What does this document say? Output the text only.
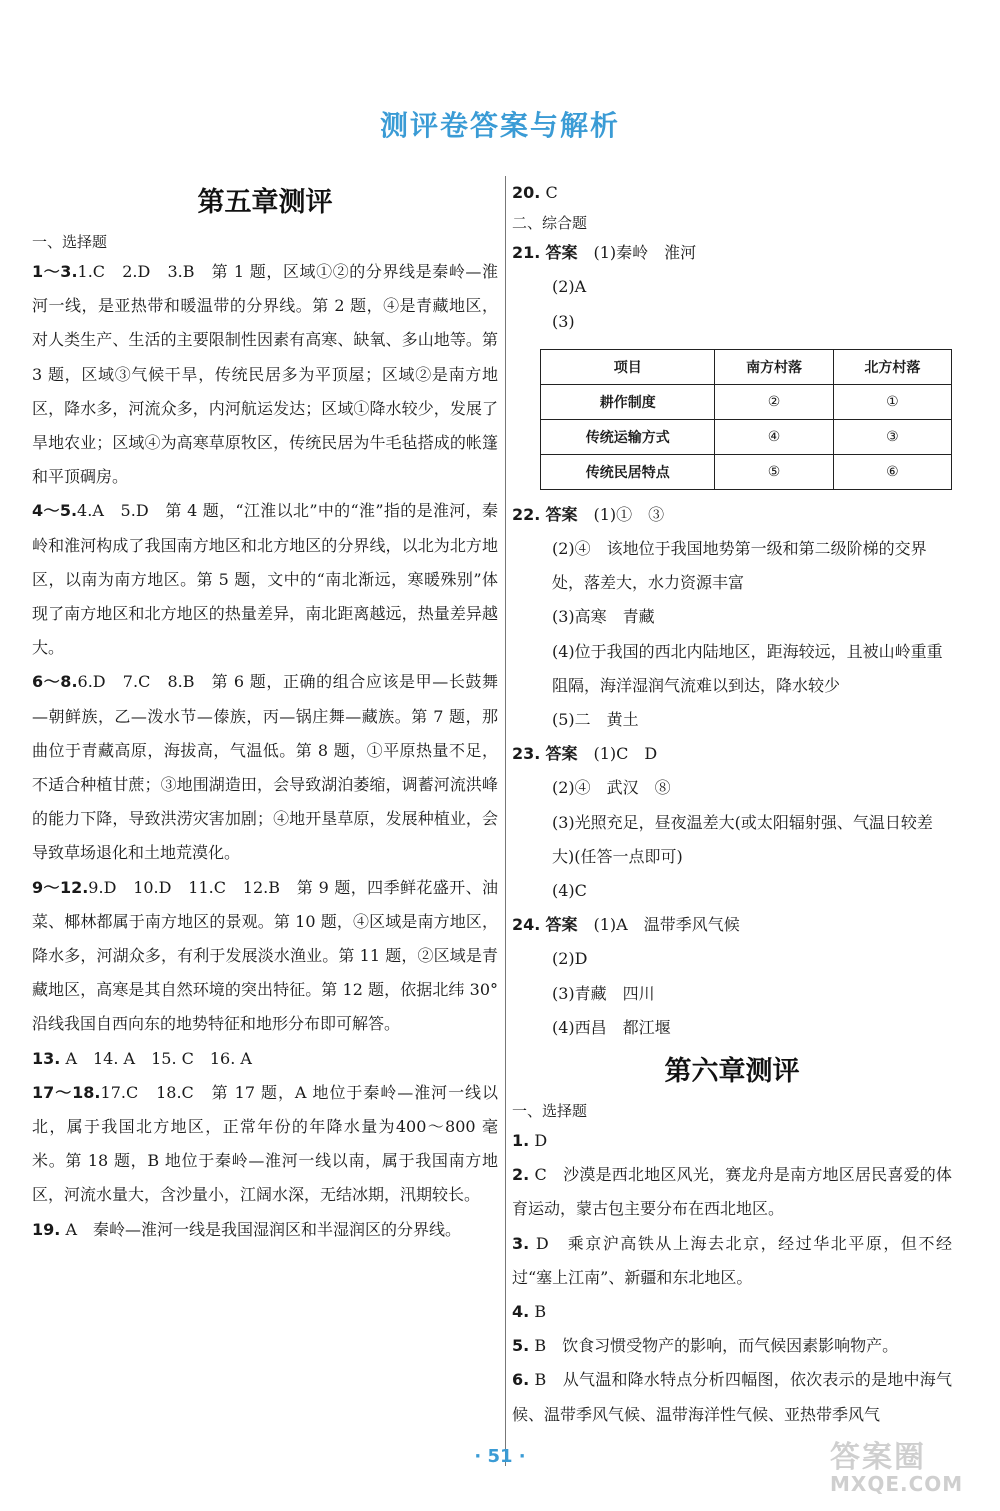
测评卷答案与解析
第五章测评

一、选择题

1～3.1.C　2.D　3.B　第 1 题，区域①②的分界线是秦岭—淮河一线，是亚热带和暖温带的分界线。第 2 题，④是青藏地区，对人类生产、生活的主要限制性因素有高寒、缺氧、多山地等。第 3 题，区域③气候干旱，传统民居多为平顶屋；区域②是南方地区，降水多，河流众多，内河航运发达；区域①降水较少，发展了旱地农业；区域④为高寒草原牧区，传统民居为牛毛毡搭成的帐篷和平顶碉房。

4～5.4.A　5.D　第 4 题，“江淮以北”中的“淮”指的是淮河，秦岭和淮河构成了我国南方地区和北方地区的分界线，以北为北方地区，以南为南方地区。第 5 题，文中的“南北渐远，寒暖殊别”体现了南方地区和北方地区的热量差异，南北距离越远，热量差异越大。

6～8.6.D　7.C　8.B　第 6 题，正确的组合应该是甲—长鼓舞—朝鲜族，乙—泼水节—傣族，丙—锅庄舞—藏族。第 7 题，那曲位于青藏高原，海拔高，气温低。第 8 题，①平原热量不足，不适合种植甘蔗；③地围湖造田，会导致湖泊萎缩，调蓄河流洪峰的能力下降，导致洪涝灾害加剧；④地开垦草原，发展种植业，会导致草场退化和土地荒漠化。

9～12.9.D　10.D　11.C　12.B　第 9 题，四季鲜花盛开、油菜、椰林都属于南方地区的景观。第 10 题，④区域是南方地区，降水多，河湖众多，有利于发展淡水渔业。第 11 题，②区域是青藏地区，高寒是其自然环境的突出特征。第 12 题，依据北纬 30°沿线我国自西向东的地势特征和地形分布即可解答。

13. A　14. A　15. C　16. A

17～18.17.C　18.C　第 17 题，A 地位于秦岭—淮河一线以北，属于我国北方地区，正常年份的年降水量为400～800 毫米。第 18 题，B 地位于秦岭—淮河一线以南，属于我国南方地区，河流水量大，含沙量小，江阔水深，无结冰期，汛期较长。

19. A　秦岭—淮河一线是我国湿润区和半湿润区的分界线。

20. C

二、综合题

21. 答案　 (1)秦岭　淮河

(2)A

(3)

项目	南方村落	北方村落
耕作制度	②	①
传统运输方式	④	③
传统民居特点	⑤	⑥

22. 答案　 (1)①　③

(2)④　该地位于我国地势第一级和第二级阶梯的交界处，落差大，水力资源丰富

(3)高寒　青藏

(4)位于我国的西北内陆地区，距海较远，且被山岭重重阻隔，海洋湿润气流难以到达，降水较少

(5)二　黄土

23. 答案　 (1)C　D

(2)④　武汉　⑧

(3)光照充足，昼夜温差大(或太阳辐射强、气温日较差大)(任答一点即可)

(4)C

24. 答案　 (1)A　温带季风气候

(2)D

(3)青藏　四川

(4)西昌　都江堰

第六章测评

一、选择题

1. D

2. C　沙漠是西北地区风光，赛龙舟是南方地区居民喜爱的体育运动，蒙古包主要分布在西北地区。

3. D　乘京沪高铁从上海去北京，经过华北平原，但不经过“塞上江南”、新疆和东北地区。

4. B

5. B　饮食习惯受物产的影响，而气候因素影响物产。

6. B　从气温和降水特点分析四幅图，依次表示的是地中海气候、温带季风气候、温带海洋性气候、亚热带季风气

· 51 ·	答案圈
MXQE.COM
